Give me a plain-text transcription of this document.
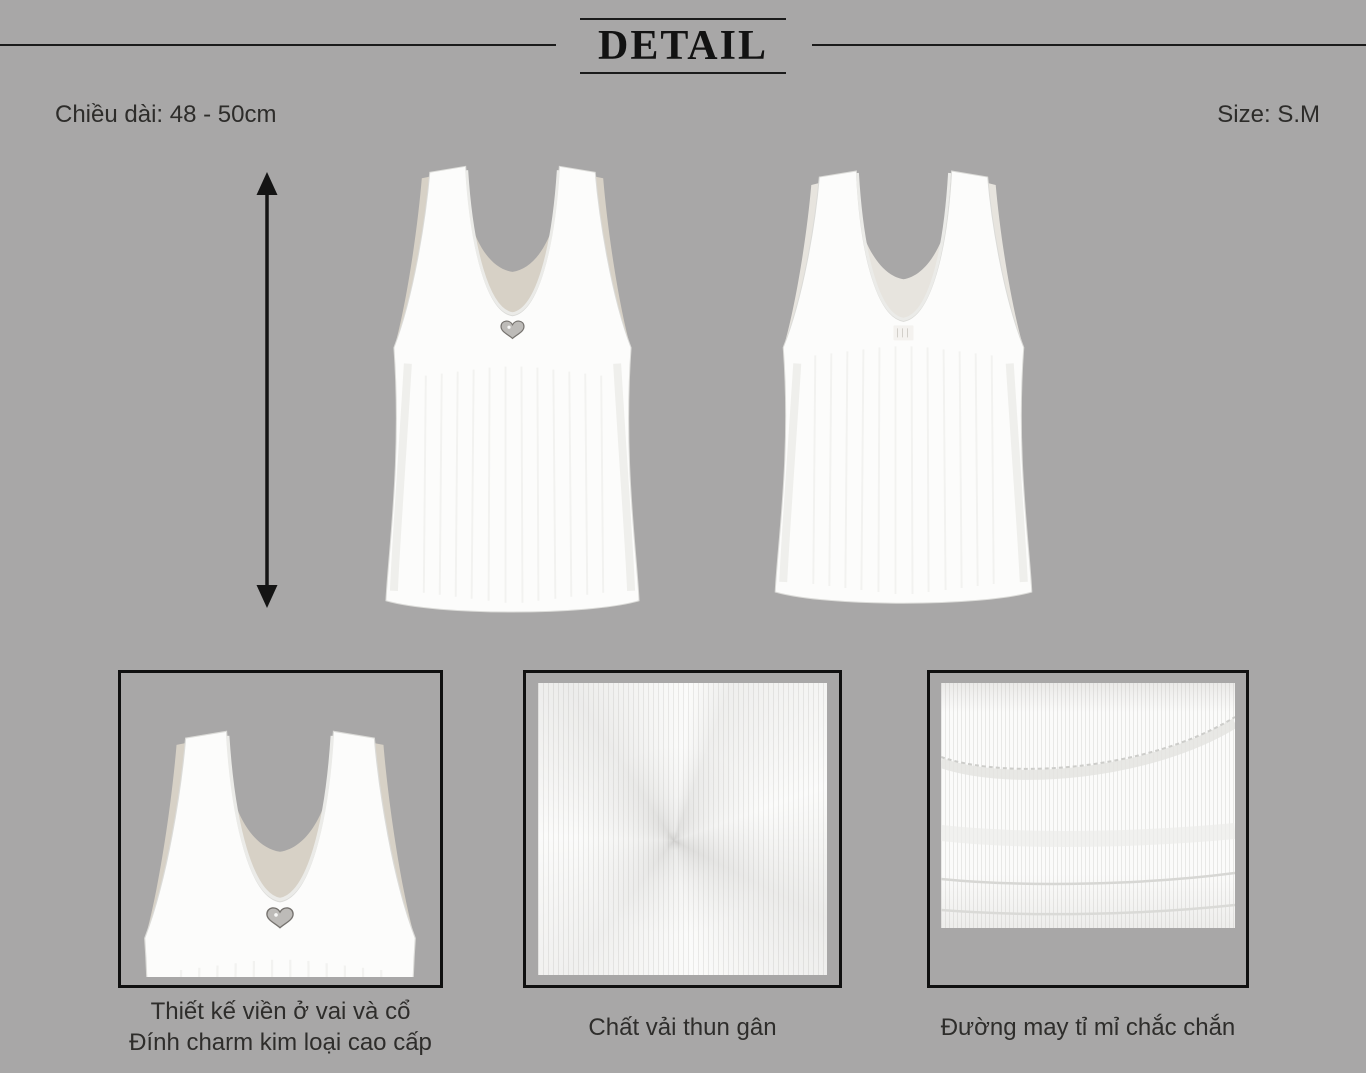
DETAIL
Chiều dài: 48 - 50cm	Size: S.M
Thiết kế viền ở vai và cổ
Đính charm kim loại cao cấp
Chất vải thun gân	Đường may tỉ mỉ chắc chắn
